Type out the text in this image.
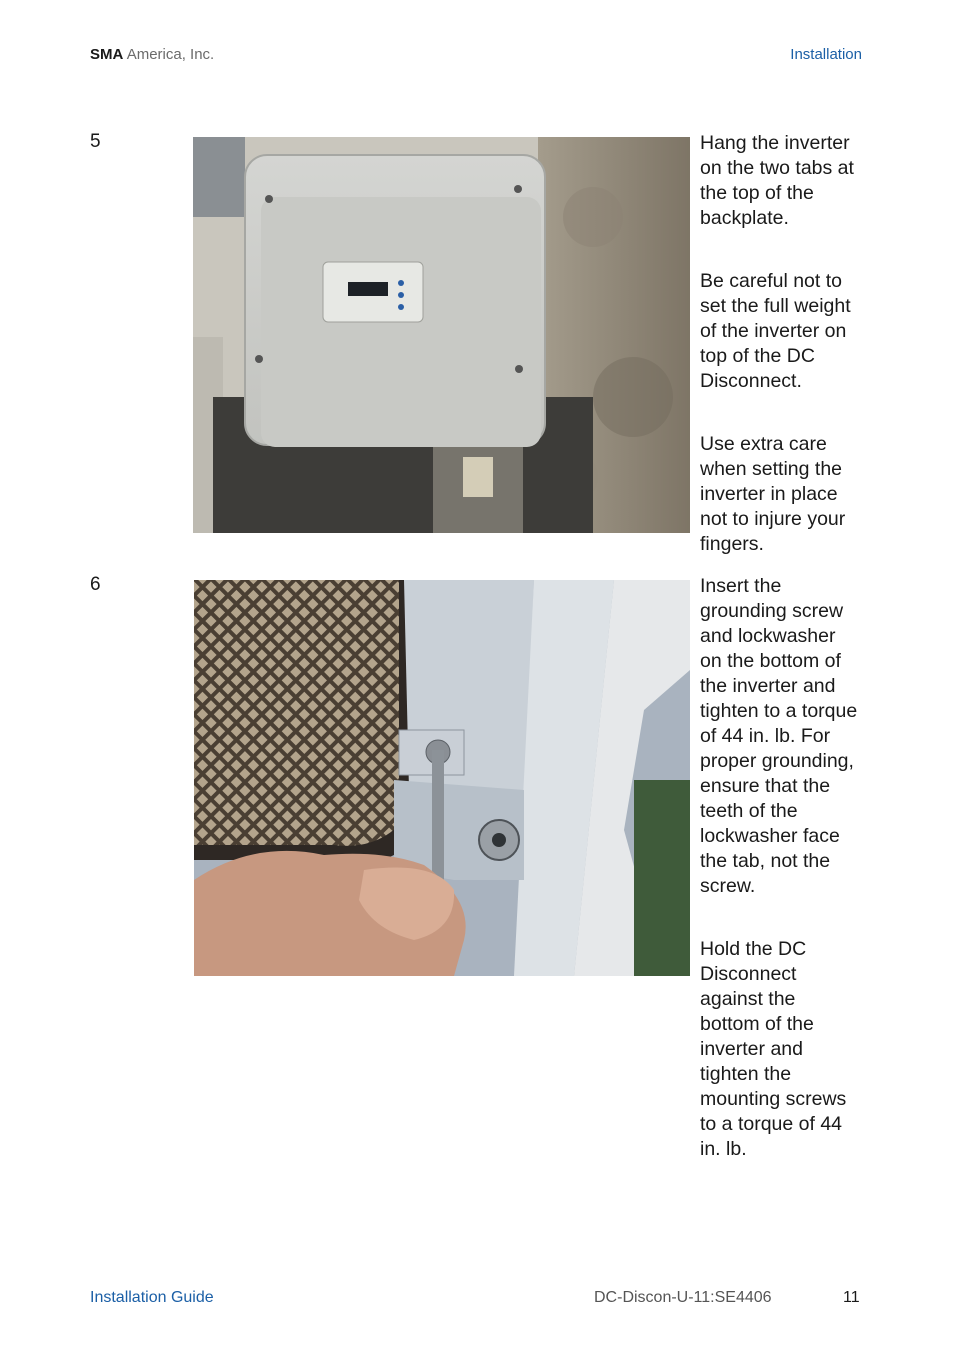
SMA America, Inc.	Installation
5	Hang the inverter on the two tabs at the top of the backplate.

Be careful not to set the full weight of the inverter on top of the DC Disconnect.

Use extra care when setting the inverter in place not to injure your fingers.

6	Insert the grounding screw and lockwasher on the bottom of the inverter and tighten to a torque of 44 in. lb. For proper grounding, ensure that the teeth of the lockwasher face the tab, not the screw.

Hold the DC Disconnect against the bottom of the inverter and tighten the mounting screws to a torque of 44 in. lb.

Installation Guide	DC-Discon-U-11:SE4406	11
